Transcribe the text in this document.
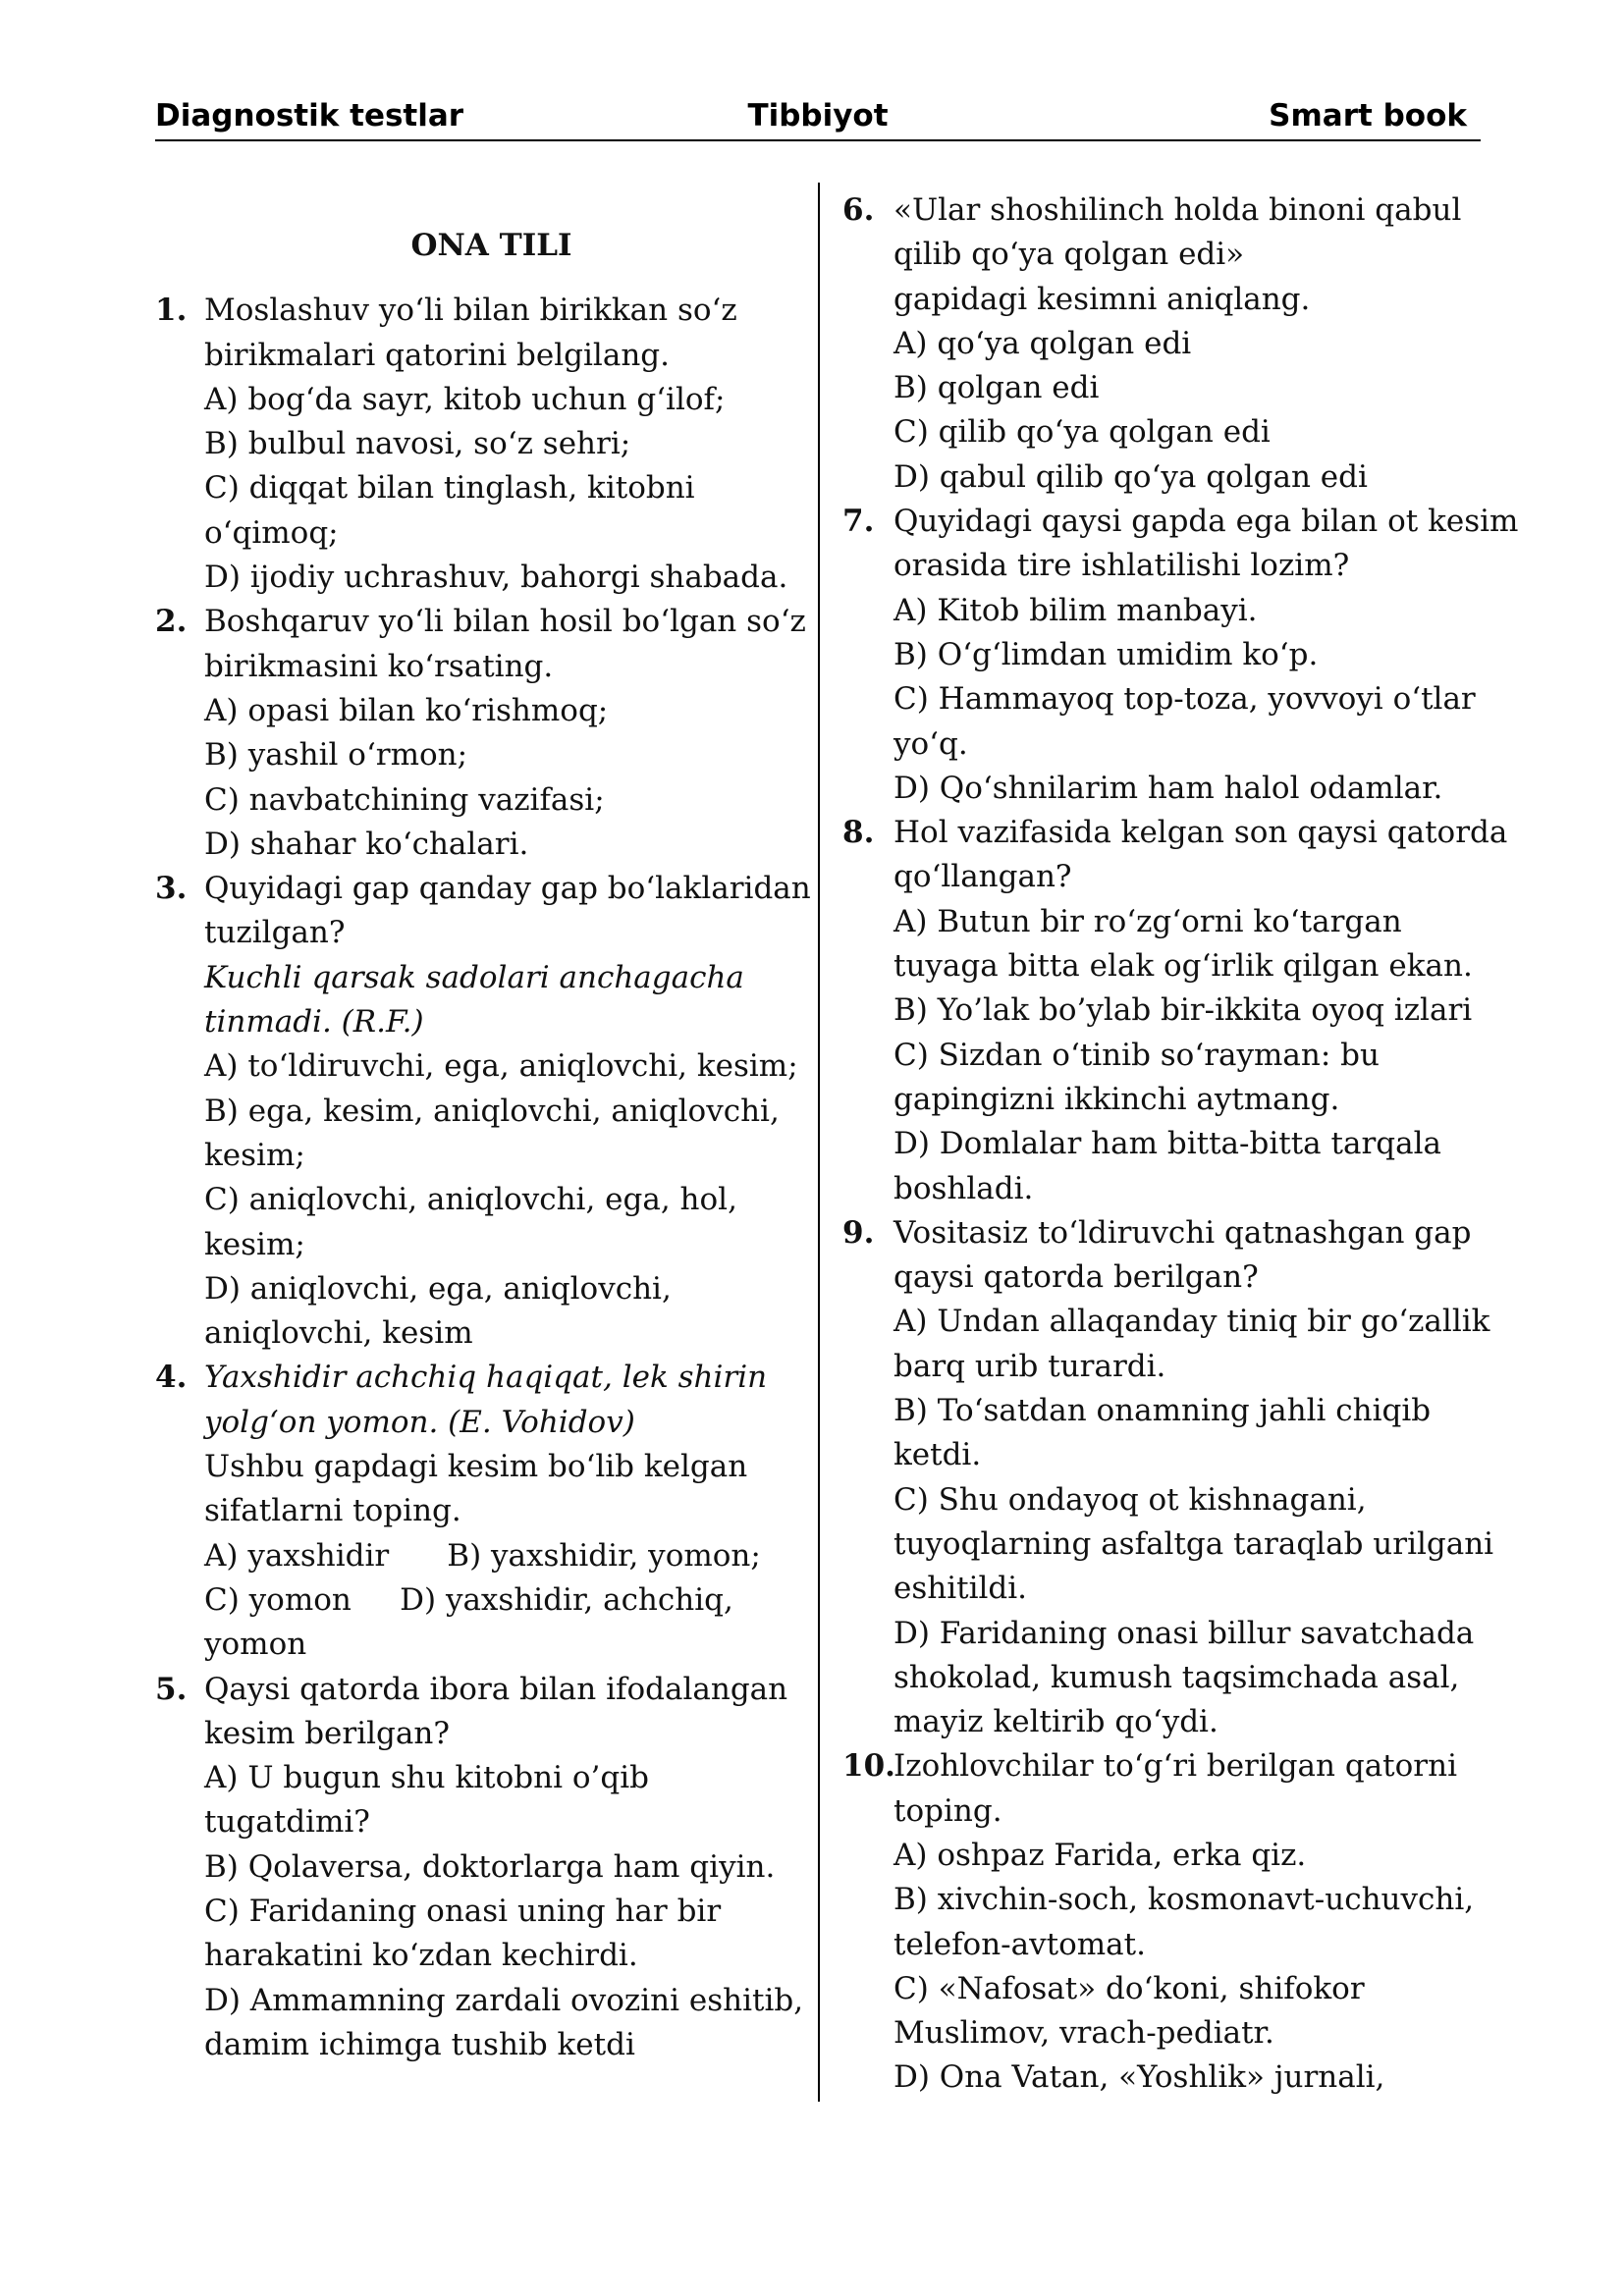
Diagnostik testlar	Tibbiyot	Smart book
ONA TILI
1. Moslashuv yo‘li bilan birikkan so‘z
birikmalari qatorini belgilang.
A) bog‘da sayr, kitob uchun g‘ilof;
B) bulbul navosi, so‘z sehri;
C) diqqat bilan tinglash, kitobni
o‘qimoq;
D) ijodiy uchrashuv, bahorgi shabada.
2. Boshqaruv yo‘li bilan hosil bo‘lgan so‘z
birikmasini ko‘rsating.
A) opasi bilan ko‘rishmoq;
B) yashil o‘rmon;
C) navbatchining vazifasi;
D) shahar ko‘chalari.
3. Quyidagi gap qanday gap bo‘laklaridan
tuzilgan?
Kuchli qarsak sadolari anchagacha
tinmadi. (R.F.)
A) to‘ldiruvchi, ega, aniqlovchi, kesim;
B) ega, kesim, aniqlovchi, aniqlovchi,
kesim;
C) aniqlovchi, aniqlovchi, ega, hol,
kesim;
D) aniqlovchi, ega, aniqlovchi,
aniqlovchi, kesim
4. Yaxshidir achchiq haqiqat, lek shirin
yolg‘on yomon. (E. Vohidov)
Ushbu gapdagi kesim bo‘lib kelgan
sifatlarni toping.
A) yaxshidir      B) yaxshidir, yomon;
C) yomon     D) yaxshidir, achchiq,
yomon
5. Qaysi qatorda ibora bilan ifodalangan
kesim berilgan?
A) U bugun shu kitobni o’qib
tugatdimi?
B) Qolaversa, doktorlarga ham qiyin.
C) Faridaning onasi uning har bir
harakatini ko‘zdan kechirdi.
D) Ammamning zardali ovozini eshitib,
damim ichimga tushib ketdi
6. «Ular shoshilinch holda binoni qabul
qilib qo‘ya qolgan edi»
gapidagi kesimni aniqlang.
A) qo‘ya qolgan edi
B) qolgan edi
C) qilib qo‘ya qolgan edi
D) qabul qilib qo‘ya qolgan edi
7. Quyidagi qaysi gapda ega bilan ot kesim
orasida tire ishlatilishi lozim?
A) Kitob bilim manbayi.
B) O‘g‘limdan umidim ko‘p.
C) Hammayoq top-toza, yovvoyi o‘tlar
yo‘q.
D) Qo‘shnilarim ham halol odamlar.
8. Hol vazifasida kelgan son qaysi qatorda
qo‘llangan?
A) Butun bir ro‘zg‘orni ko‘targan
tuyaga bitta elak og‘irlik qilgan ekan.
B) Yo’lak bo’ylab bir-ikkita oyoq izlari
C) Sizdan o‘tinib so‘rayman: bu
gapingizni ikkinchi aytmang.
D) Domlalar ham bitta-bitta tarqala
boshladi.
9. Vositasiz to‘ldiruvchi qatnashgan gap
qaysi qatorda berilgan?
A) Undan allaqanday tiniq bir go‘zallik
barq urib turardi.
B) To‘satdan onamning jahli chiqib
ketdi.
C) Shu ondayoq ot kishnagani,
tuyoqlarning asfaltga taraqlab urilgani
eshitildi.
D) Faridaning onasi billur savatchada
shokolad, kumush taqsimchada asal,
mayiz keltirib qo‘ydi.
10.
Izohlovchilar to‘g‘ri berilgan qatorni
toping.
A) oshpaz Farida, erka qiz.
B) xivchin-soch, kosmonavt-uchuvchi,
telefon-avtomat.
C) «Nafosat» do‘koni, shifokor
Muslimov, vrach-pediatr.
D) Ona Vatan, «Yoshlik» jurnali,
